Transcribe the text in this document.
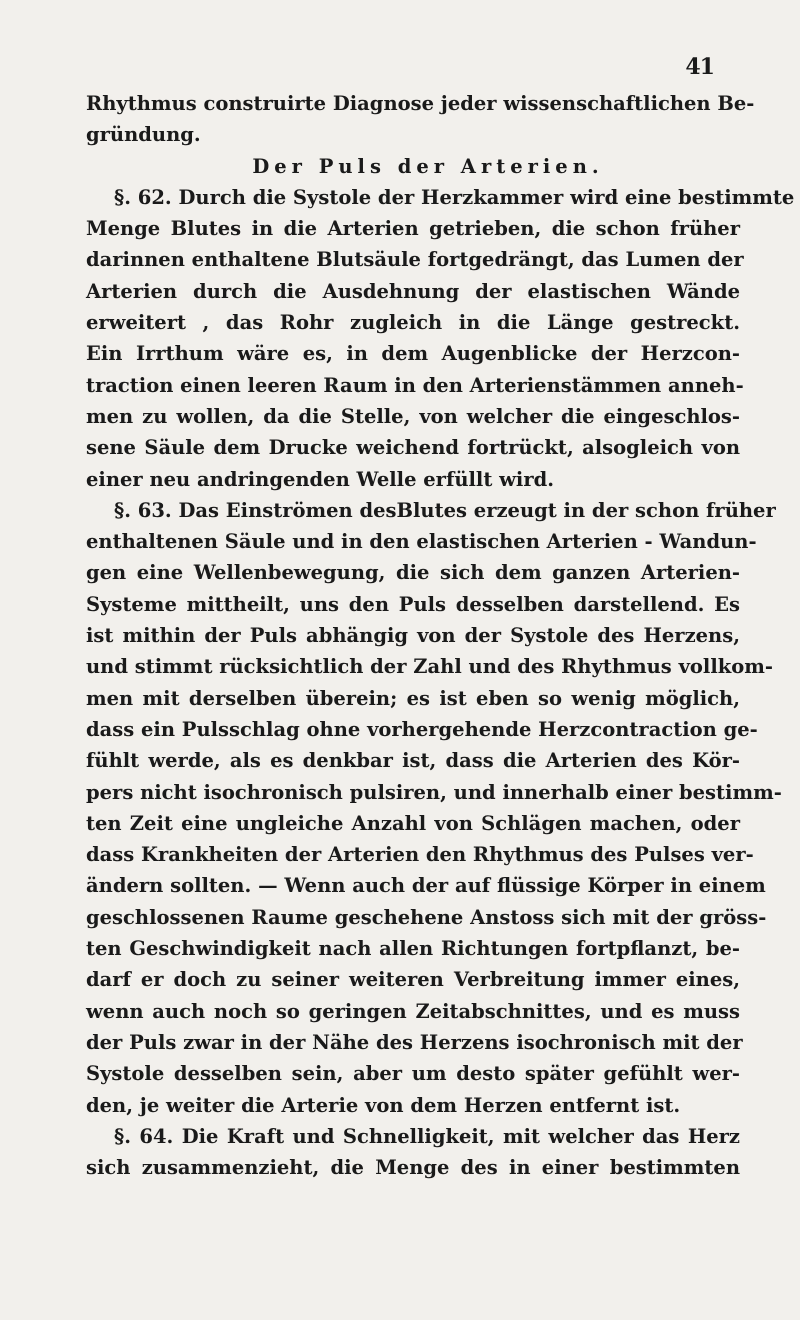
41
Rhythmus construirte Diagnose jeder wissenschaftlichen Be-
gründung.
Der Puls der Arterien.
§. 62. Durch die Systole der Herzkammer wird eine bestimmte
Menge Blutes in die Arterien getrieben, die schon früher
darinnen enthaltene Blutsäule fortgedrängt, das Lumen der
Arterien durch die Ausdehnung der elastischen Wände
erweitert , das Rohr zugleich in die Länge gestreckt.
Ein Irrthum wäre es, in dem Augenblicke der Herzcon-
traction einen leeren Raum in den Arterienstämmen anneh-
men zu wollen, da die Stelle, von welcher die eingeschlos-
sene Säule dem Drucke weichend fortrückt, alsogleich von
einer neu andringenden Welle erfüllt wird.
§. 63. Das Einströmen desBlutes erzeugt in der schon früher
enthaltenen Säule und in den elastischen Arterien - Wandun-
gen eine Wellenbewegung, die sich dem ganzen Arterien-
Systeme mittheilt, uns den Puls desselben darstellend. Es
ist mithin der Puls abhängig von der Systole des Herzens,
und stimmt rücksichtlich der Zahl und des Rhythmus vollkom-
men mit derselben überein; es ist eben so wenig möglich,
dass ein Pulsschlag ohne vorhergehende Herzcontraction ge-
fühlt werde, als es denkbar ist, dass die Arterien des Kör-
pers nicht isochronisch pulsiren, und innerhalb einer bestimm-
ten Zeit eine ungleiche Anzahl von Schlägen machen, oder
dass Krankheiten der Arterien den Rhythmus des Pulses ver-
ändern sollten. — Wenn auch der auf flüssige Körper in einem
geschlossenen Raume geschehene Anstoss sich mit der gröss-
ten Geschwindigkeit nach allen Richtungen fortpflanzt, be-
darf er doch zu seiner weiteren Verbreitung immer eines,
wenn auch noch so geringen Zeitabschnittes, und es muss
der Puls zwar in der Nähe des Herzens isochronisch mit der
Systole desselben sein, aber um desto später gefühlt wer-
den, je weiter die Arterie von dem Herzen entfernt ist.
§. 64. Die Kraft und Schnelligkeit, mit welcher das Herz
sich zusammenzieht, die Menge des in einer bestimmten
